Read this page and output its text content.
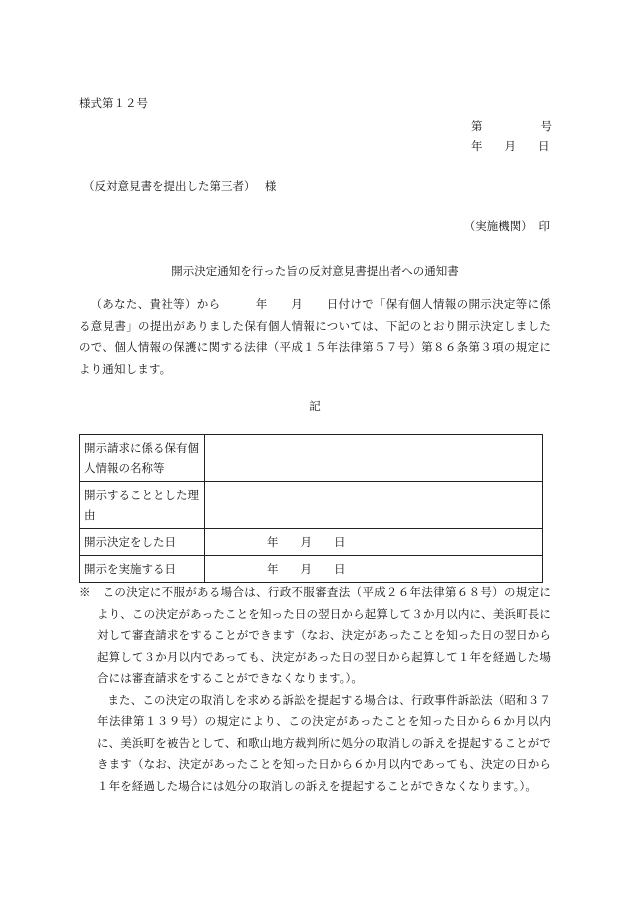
様式第１２号
第	号
年 月 日
（反対意見書を提出した第三者）　 様
（実施機関）　印
開示決定通知を行った旨の反対意見書提出者への通知書
（あなた、貴社等）から　　　年　　月　　日付けで「保有個人情報の開示決定等に係る意見書」の提出がありました保有個人情報については、下記のとおり開示決定しましたので、個人情報の保護に関する法律（平成１５年法律第５７号）第８６条第３項の規定により通知します。
記
開示請求に係る保有個人情報の名称等	
開示することとした理由	
開示決定をした日	年 月 日

開示を実施する日	年 月 日

※　 この決定に不服がある場合は、行政不服審査法（平成２６年法律第６８号）の規定により、この決定があったことを知った日の翌日から起算して３か月以内に、美浜町長に対して審査請求をすることができます（なお、決定があったことを知った日の翌日から起算して３か月以内であっても、決定があった日の翌日から起算して１年を経過した場合には審査請求をすることができなくなります。）。

また、この決定の取消しを求める訴訟を提起する場合は、行政事件訴訟法（昭和３７年法律第１３９号）の規定により、この決定があったことを知った日から６か月以内に、美浜町を被告として、和歌山地方裁判所に処分の取消しの訴えを提起することができます（なお、決定があったことを知った日から６か月以内であっても、決定の日から１年を経過した場合には処分の取消しの訴えを提起することができなくなります。）。
